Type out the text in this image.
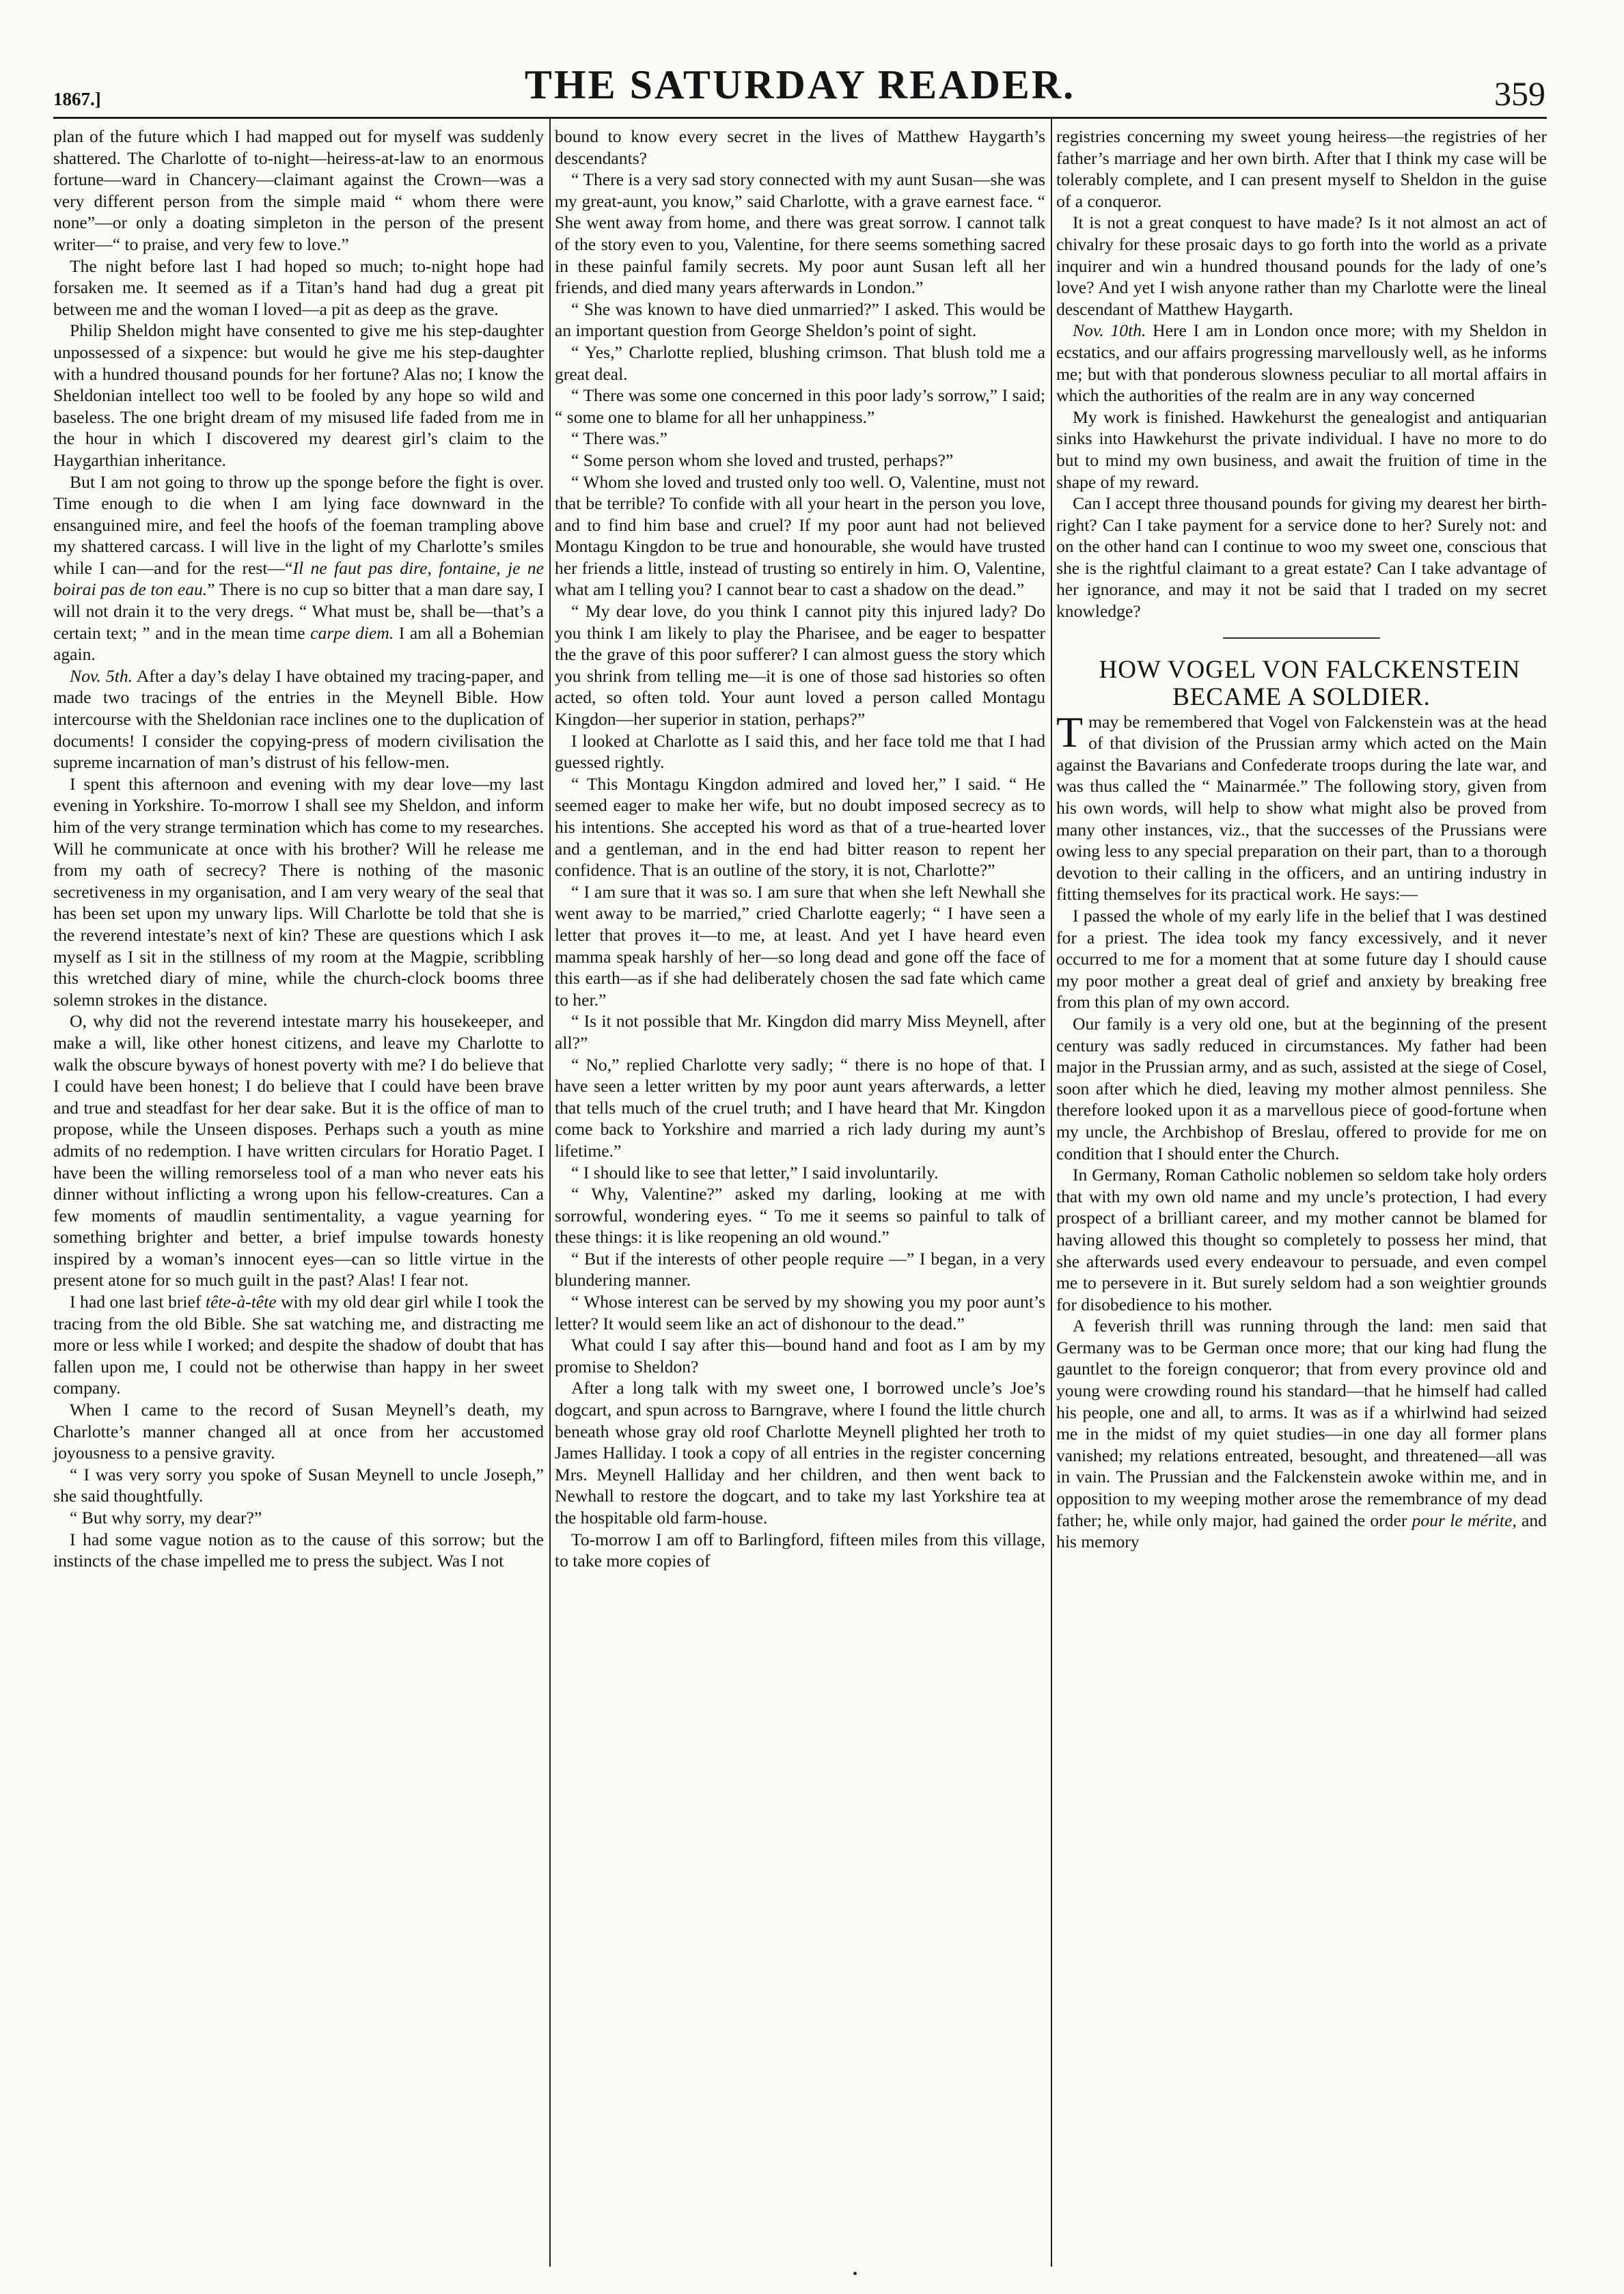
1867.]	THE SATURDAY READER.	359

plan of the future which I had mapped out for myself was suddenly shattered. The Charlotte of to-night—heiress-at-law to an enormous fortune—ward in Chancery—claimant against the Crown—was a very different person from the simple maid “ whom there were none”—or only a doating simpleton in the person of the present writer—“ to praise, and very few to love.”

The night before last I had hoped so much; to-night hope had forsaken me. It seemed as if a Titan’s hand had dug a great pit between me and the woman I loved—a pit as deep as the grave.

Philip Sheldon might have consented to give me his step-daughter unpossessed of a sixpence: but would he give me his step-daughter with a hundred thousand pounds for her fortune? Alas no; I know the Sheldonian intellect too well to be fooled by any hope so wild and baseless. The one bright dream of my misused life faded from me in the hour in which I discovered my dearest girl’s claim to the Haygarthian inheritance.

But I am not going to throw up the sponge before the fight is over. Time enough to die when I am lying face downward in the ensanguined mire, and feel the hoofs of the foeman trampling above my shattered carcass. I will live in the light of my Charlotte’s smiles while I can—and for the rest—“Il ne faut pas dire, fontaine, je ne boirai pas de ton eau.” There is no cup so bitter that a man dare say, I will not drain it to the very dregs. “ What must be, shall be—that’s a certain text; ” and in the mean time carpe diem. I am all a Bohemian again.

Nov. 5th. After a day’s delay I have obtained my tracing-paper, and made two tracings of the entries in the Meynell Bible. How intercourse with the Sheldonian race inclines one to the duplication of documents! I consider the copying-press of modern civilisation the supreme incarnation of man’s distrust of his fellow-men.

I spent this afternoon and evening with my dear love—my last evening in Yorkshire. To-morrow I shall see my Sheldon, and inform him of the very strange termination which has come to my researches. Will he communicate at once with his brother? Will he release me from my oath of secrecy? There is nothing of the masonic secretiveness in my organisation, and I am very weary of the seal that has been set upon my unwary lips. Will Charlotte be told that she is the reverend intestate’s next of kin? These are questions which I ask myself as I sit in the stillness of my room at the Magpie, scribbling this wretched diary of mine, while the church-clock booms three solemn strokes in the distance.

O, why did not the reverend intestate marry his housekeeper, and make a will, like other honest citizens, and leave my Charlotte to walk the obscure byways of honest poverty with me? I do believe that I could have been honest; I do believe that I could have been brave and true and steadfast for her dear sake. But it is the office of man to propose, while the Unseen disposes. Perhaps such a youth as mine admits of no redemption. I have written circulars for Horatio Paget. I have been the willing remorseless tool of a man who never eats his dinner without inflicting a wrong upon his fellow-creatures. Can a few moments of maudlin sentimentality, a vague yearning for something brighter and better, a brief impulse towards honesty inspired by a woman’s innocent eyes—can so little virtue in the present atone for so much guilt in the past? Alas! I fear not.

I had one last brief tête-à-tête with my old dear girl while I took the tracing from the old Bible. She sat watching me, and distracting me more or less while I worked; and despite the shadow of doubt that has fallen upon me, I could not be otherwise than happy in her sweet company.

When I came to the record of Susan Meynell’s death, my Charlotte’s manner changed all at once from her accustomed joyousness to a pensive gravity.

“ I was very sorry you spoke of Susan Meynell to uncle Joseph,” she said thoughtfully.

“ But why sorry, my dear?”

I had some vague notion as to the cause of this sorrow; but the instincts of the chase impelled me to press the subject. Was I not

bound to know every secret in the lives of Matthew Haygarth’s descendants?

“ There is a very sad story connected with my aunt Susan—she was my great-aunt, you know,” said Charlotte, with a grave earnest face. “ She went away from home, and there was great sorrow. I cannot talk of the story even to you, Valentine, for there seems something sacred in these painful family secrets. My poor aunt Susan left all her friends, and died many years afterwards in London.”

“ She was known to have died unmarried?” I asked. This would be an important question from George Sheldon’s point of sight.

“ Yes,” Charlotte replied, blushing crimson. That blush told me a great deal.

“ There was some one concerned in this poor lady’s sorrow,” I said; “ some one to blame for all her unhappiness.”

“ There was.”

“ Some person whom she loved and trusted, perhaps?”

“ Whom she loved and trusted only too well. O, Valentine, must not that be terrible? To confide with all your heart in the person you love, and to find him base and cruel? If my poor aunt had not believed Montagu Kingdon to be true and honourable, she would have trusted her friends a little, instead of trusting so entirely in him. O, Valentine, what am I telling you? I cannot bear to cast a shadow on the dead.”

“ My dear love, do you think I cannot pity this injured lady? Do you think I am likely to play the Pharisee, and be eager to bespatter the the grave of this poor sufferer? I can almost guess the story which you shrink from telling me—it is one of those sad histories so often acted, so often told. Your aunt loved a person called Montagu Kingdon—her superior in station, perhaps?”

I looked at Charlotte as I said this, and her face told me that I had guessed rightly.

“ This Montagu Kingdon admired and loved her,” I said. “ He seemed eager to make her wife, but no doubt imposed secrecy as to his intentions. She accepted his word as that of a true-hearted lover and a gentleman, and in the end had bitter reason to repent her confidence. That is an outline of the story, it is not, Charlotte?”

“ I am sure that it was so. I am sure that when she left Newhall she went away to be married,” cried Charlotte eagerly; “ I have seen a letter that proves it—to me, at least. And yet I have heard even mamma speak harshly of her—so long dead and gone off the face of this earth—as if she had deliberately chosen the sad fate which came to her.”

“ Is it not possible that Mr. Kingdon did marry Miss Meynell, after all?”

“ No,” replied Charlotte very sadly; “ there is no hope of that. I have seen a letter written by my poor aunt years afterwards, a letter that tells much of the cruel truth; and I have heard that Mr. Kingdon come back to Yorkshire and married a rich lady during my aunt’s lifetime.”

“ I should like to see that letter,” I said involuntarily.

“ Why, Valentine?” asked my darling, looking at me with sorrowful, wondering eyes. “ To me it seems so painful to talk of these things: it is like reopening an old wound.”

“ But if the interests of other people require —” I began, in a very blundering manner.

“ Whose interest can be served by my showing you my poor aunt’s letter? It would seem like an act of dishonour to the dead.”

What could I say after this—bound hand and foot as I am by my promise to Sheldon?

After a long talk with my sweet one, I borrowed uncle’s Joe’s dogcart, and spun across to Barngrave, where I found the little church beneath whose gray old roof Charlotte Meynell plighted her troth to James Halliday. I took a copy of all entries in the register concerning Mrs. Meynell Halliday and her children, and then went back to Newhall to restore the dogcart, and to take my last Yorkshire tea at the hospitable old farm-house.

To-morrow I am off to Barlingford, fifteen miles from this village, to take more copies of

registries concerning my sweet young heiress—the registries of her father’s marriage and her own birth. After that I think my case will be tolerably complete, and I can present myself to Sheldon in the guise of a conqueror.

It is not a great conquest to have made? Is it not almost an act of chivalry for these prosaic days to go forth into the world as a private inquirer and win a hundred thousand pounds for the lady of one’s love? And yet I wish anyone rather than my Charlotte were the lineal descendant of Matthew Haygarth.

Nov. 10th. Here I am in London once more; with my Sheldon in ecstatics, and our affairs progressing marvellously well, as he informs me; but with that ponderous slowness peculiar to all mortal affairs in which the authorities of the realm are in any way concerned

My work is finished. Hawkehurst the genealogist and antiquarian sinks into Hawkehurst the private individual. I have no more to do but to mind my own business, and await the fruition of time in the shape of my reward.

Can I accept three thousand pounds for giving my dearest her birth-right? Can I take payment for a service done to her? Surely not: and on the other hand can I continue to woo my sweet one, conscious that she is the rightful claimant to a great estate? Can I take advantage of her ignorance, and may it not be said that I traded on my secret knowledge?

HOW VOGEL VON FALCKENSTEIN BECAME A SOLDIER.

T may be remembered that Vogel von Falckenstein was at the head of that division of the Prussian army which acted on the Main against the Bavarians and Confederate troops during the late war, and was thus called the “ Mainarmée.” The following story, given from his own words, will help to show what might also be proved from many other instances, viz., that the successes of the Prussians were owing less to any special preparation on their part, than to a thorough devotion to their calling in the officers, and an untiring industry in fitting themselves for its practical work. He says:—

I passed the whole of my early life in the belief that I was destined for a priest. The idea took my fancy excessively, and it never occurred to me for a moment that at some future day I should cause my poor mother a great deal of grief and anxiety by breaking free from this plan of my own accord.

Our family is a very old one, but at the beginning of the present century was sadly reduced in circumstances. My father had been major in the Prussian army, and as such, assisted at the siege of Cosel, soon after which he died, leaving my mother almost penniless. She therefore looked upon it as a marvellous piece of good-fortune when my uncle, the Archbishop of Breslau, offered to provide for me on condition that I should enter the Church.

In Germany, Roman Catholic noblemen so seldom take holy orders that with my own old name and my uncle’s protection, I had every prospect of a brilliant career, and my mother cannot be blamed for having allowed this thought so completely to possess her mind, that she afterwards used every endeavour to persuade, and even compel me to persevere in it. But surely seldom had a son weightier grounds for disobedience to his mother.

A feverish thrill was running through the land: men said that Germany was to be German once more; that our king had flung the gauntlet to the foreign conqueror; that from every province old and young were crowding round his standard—that he himself had called his people, one and all, to arms. It was as if a whirlwind had seized me in the midst of my quiet studies—in one day all former plans vanished; my relations entreated, besought, and threatened—all was in vain. The Prussian and the Falckenstein awoke within me, and in opposition to my weeping mother arose the remembrance of my dead father; he, while only major, had gained the order pour le mérite, and his memory

•
